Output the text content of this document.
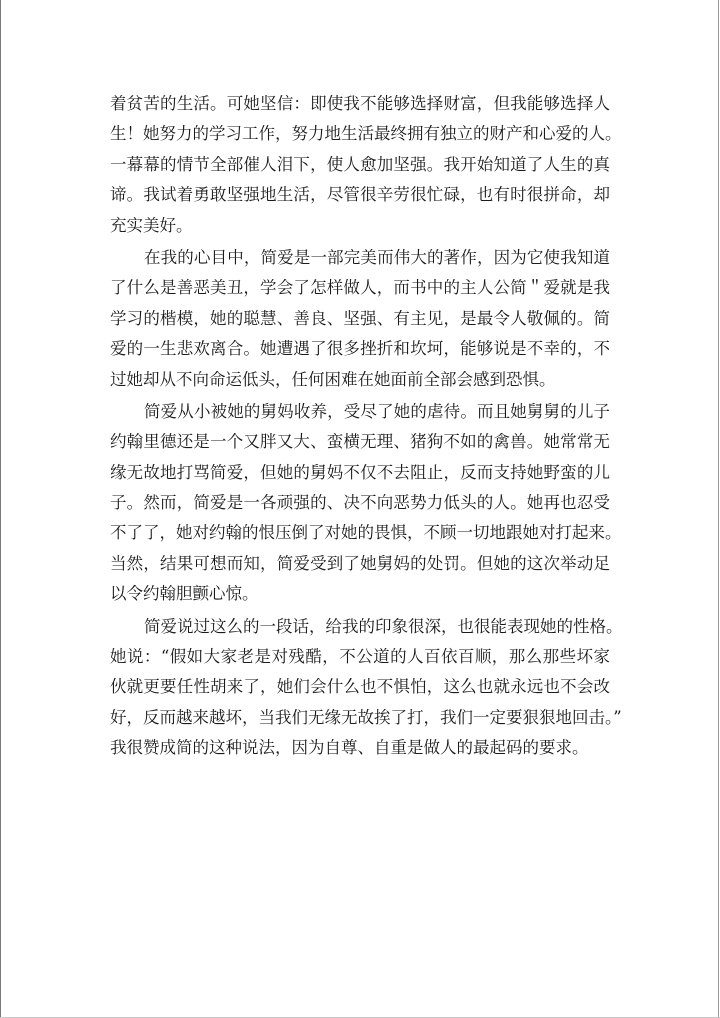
着贫苦的生活。可她坚信：即使我不能够选择财富，但我能够选择人
生！她努力的学习工作，努力地生活最终拥有独立的财产和心爱的人。
一幕幕的情节全部催人泪下，使人愈加坚强。我开始知道了人生的真
谛。我试着勇敢坚强地生活，尽管很辛劳很忙碌，也有时很拼命，却
充实美好。
在我的心目中，简爱是一部完美而伟大的著作，因为它使我知道
了什么是善恶美丑，学会了怎样做人，而书中的主人公简＂爱就是我
学习的楷模，她的聪慧、善良、坚强、有主见，是最令人敬佩的。简
爱的一生悲欢离合。她遭遇了很多挫折和坎坷，能够说是不幸的，不
过她却从不向命运低头，任何困难在她面前全部会感到恐惧。
简爱从小被她的舅妈收养，受尽了她的虐待。而且她舅舅的儿子
约翰里德还是一个又胖又大、蛮横无理、猪狗不如的禽兽。她常常无
缘无故地打骂简爱，但她的舅妈不仅不去阻止，反而支持她野蛮的儿
子。然而，简爱是一各顽强的、决不向恶势力低头的人。她再也忍受
不了了，她对约翰的恨压倒了对她的畏惧，不顾一切地跟她对打起来。
当然，结果可想而知，简爱受到了她舅妈的处罚。但她的这次举动足
以令约翰胆颤心惊。
简爱说过这么的一段话，给我的印象很深，也很能表现她的性格。
她说：“假如大家老是对残酷，不公道的人百依百顺，那么那些坏家
伙就更要任性胡来了，她们会什么也不惧怕，这么也就永远也不会改
好，反而越来越坏，当我们无缘无故挨了打，我们一定要狠狠地回击。”
我很赞成简的这种说法，因为自尊、自重是做人的最起码的要求。
